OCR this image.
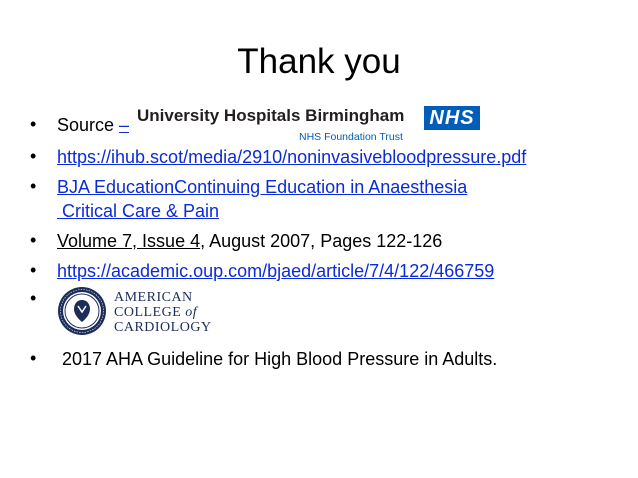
Thank you
• Source – University Hospitals Birmingham NHS
NHS Foundation Trust
• https://ihub.scot/media/2910/noninvasivebloodpressure.pdf
• BJA EducationContinuing Education in Anaesthesia
Critical Care & Pain
• Volume 7, Issue 4, August 2007, Pages 122-126
• https://academic.oup.com/bjaed/article/7/4/122/466759
•	AMERICAN
COLLEGE of
CARDIOLOGY
• 2017 AHA Guideline for High Blood Pressure in Adults.
